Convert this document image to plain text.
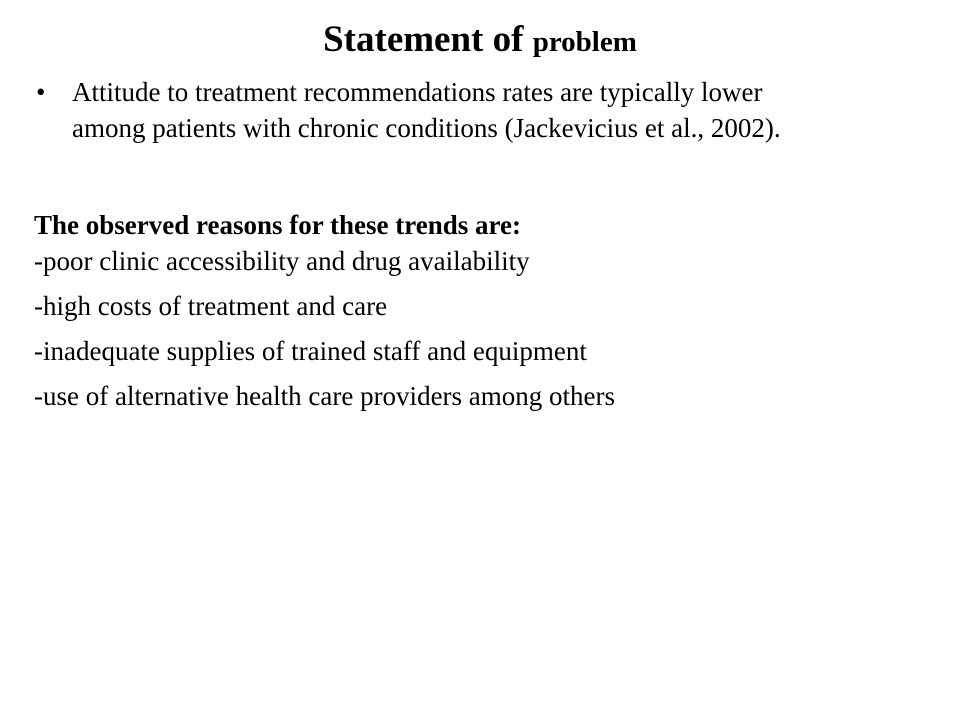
Statement of problem
• Attitude to treatment recommendations rates are typically lower
among patients with chronic conditions (Jackevicius et al., 2002).
The observed reasons for these trends are:
-poor clinic accessibility and drug availability
-high costs of treatment and care
-inadequate supplies of trained staff and equipment
-use of alternative health care providers among others
